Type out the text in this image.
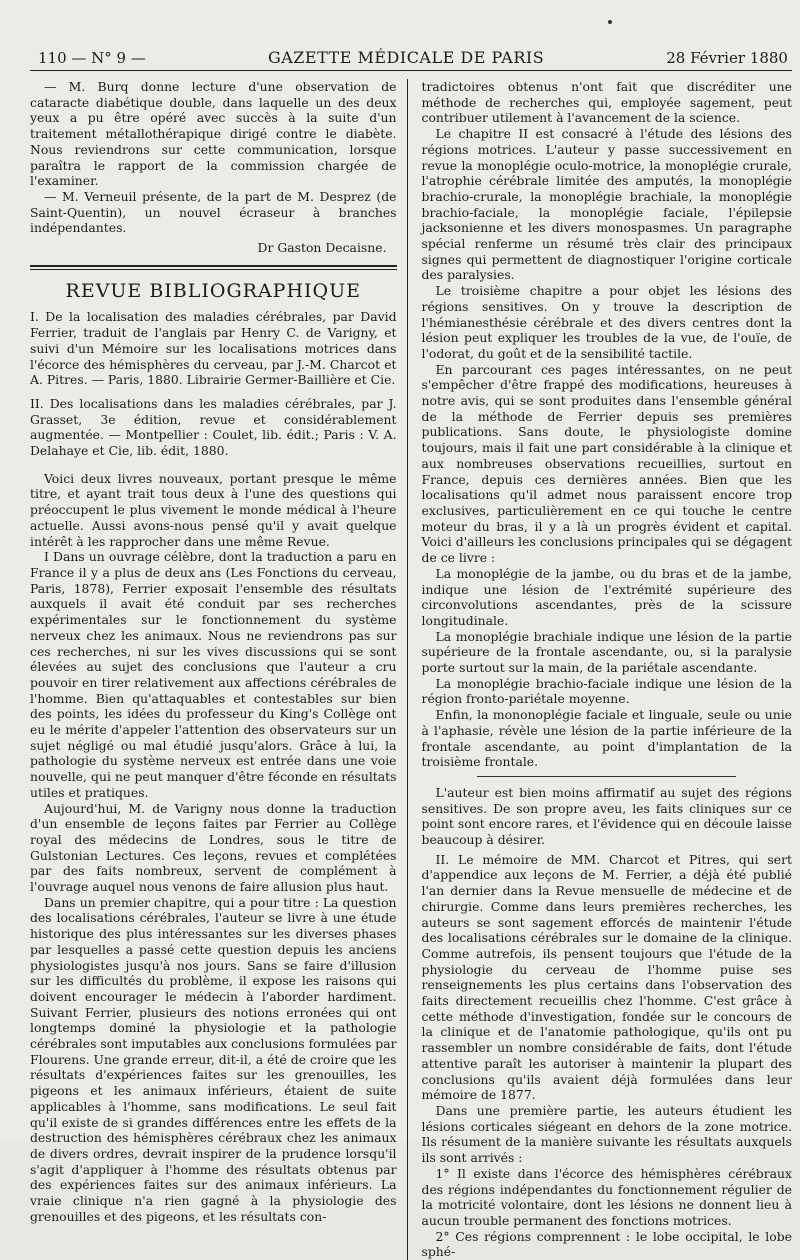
110 — N° 9 —	GAZETTE MÉDICALE DE PARIS	28 Février 1880

— M. Burq donne lecture d'une observation de cataracte diabétique double, dans laquelle un des deux yeux a pu être opéré avec succès à la suite d'un traitement métallothérapique dirigé contre le diabète. Nous reviendrons sur cette communication, lorsque paraîtra le rapport de la commission chargée de l'examiner.

— M. Verneuil présente, de la part de M. Desprez (de Saint-Quentin), un nouvel écraseur à branches indépendantes.

Dr Gaston Decaisne.
REVUE BIBLIOGRAPHIQUE

I. De la localisation des maladies cérébrales, par David Ferrier, traduit de l'anglais par Henry C. de Varigny, et suivi d'un Mémoire sur les localisations motrices dans l'écorce des hémisphères du cerveau, par J.-M. Charcot et A. Pitres. — Paris, 1880. Librairie Germer-Baillière et Cie.

II. Des localisations dans les maladies cérébrales, par J. Grasset, 3e édition, revue et considérablement augmentée. — Montpellier : Coulet, lib. édit.; Paris : V. A. Delahaye et Cie, lib. édit, 1880.

Voici deux livres nouveaux, portant presque le même titre, et ayant trait tous deux à l'une des questions qui préoccupent le plus vivement le monde médical à l'heure actuelle. Aussi avons-nous pensé qu'il y avait quelque intérêt à les rapprocher dans une même Revue.

I Dans un ouvrage célèbre, dont la traduction a paru en France il y a plus de deux ans (Les Fonctions du cerveau, Paris, 1878), Ferrier exposait l'ensemble des résultats auxquels il avait été conduit par ses recherches expérimentales sur le fonctionnement du système nerveux chez les animaux. Nous ne reviendrons pas sur ces recherches, ni sur les vives discussions qui se sont élevées au sujet des conclusions que l'auteur a cru pouvoir en tirer relativement aux affections cérébrales de l'homme. Bien qu'attaquables et contestables sur bien des points, les idées du professeur du King's Collège ont eu le mérite d'appeler l'attention des observateurs sur un sujet négligé ou mal étudié jusqu'alors. Grâce à lui, la pathologie du système nerveux est entrée dans une voie nouvelle, qui ne peut manquer d'être féconde en résultats utiles et pratiques.

Aujourd'hui, M. de Varigny nous donne la traduction d'un ensemble de leçons faites par Ferrier au Collège royal des médecins de Londres, sous le titre de Gulstonian Lectures. Ces leçons, revues et complétées par des faits nombreux, servent de complément à l'ouvrage auquel nous venons de faire allusion plus haut.

Dans un premier chapitre, qui a pour titre : La question des localisations cérébrales, l'auteur se livre à une étude historique des plus intéressantes sur les diverses phases par lesquelles a passé cette question depuis les anciens physiologistes jusqu'à nos jours. Sans se faire d'illusion sur les difficultés du problème, il expose les raisons qui doivent encourager le médecin à l'aborder hardiment. Suivant Ferrier, plusieurs des notions erronées qui ont longtemps dominé la physiologie et la pathologie cérébrales sont imputables aux conclusions formulées par Flourens. Une grande erreur, dit-il, a été de croire que les résultats d'expériences faites sur les grenouilles, les pigeons et les animaux inférieurs, étaient de suite applicables à l'homme, sans modifications. Le seul fait qu'il existe de si grandes différences entre les effets de la destruction des hémisphères cérébraux chez les animaux de divers ordres, devrait inspirer de la prudence lorsqu'il s'agit d'appliquer à l'homme des résultats obtenus par des expériences faites sur des animaux inférieurs. La vraie clinique n'a rien gagné à la physiologie des grenouilles et des pigeons, et les résultats con-

tradictoires obtenus n'ont fait que discréditer une méthode de recherches qui, employée sagement, peut contribuer utilement à l'avancement de la science.

Le chapitre II est consacré à l'étude des lésions des régions motrices. L'auteur y passe successivement en revue la monoplégie oculo-motrice, la monoplégie crurale, l'atrophie cérébrale limitée des amputés, la monoplégie brachio-crurale, la monoplégie brachiale, la monoplégie brachio-faciale, la monoplégie faciale, l'épilepsie jacksonienne et les divers monospasmes. Un paragraphe spécial renferme un résumé très clair des principaux signes qui permettent de diagnostiquer l'origine corticale des paralysies.

Le troisième chapitre a pour objet les lésions des régions sensitives. On y trouve la description de l'hémianesthésie cérébrale et des divers centres dont la lésion peut expliquer les troubles de la vue, de l'ouïe, de l'odorat, du goût et de la sensibilité tactile.

En parcourant ces pages intéressantes, on ne peut s'empêcher d'être frappé des modifications, heureuses à notre avis, qui se sont produites dans l'ensemble général de la méthode de Ferrier depuis ses premières publications. Sans doute, le physiologiste domine toujours, mais il fait une part considérable à la clinique et aux nombreuses observations recueillies, surtout en France, depuis ces dernières années. Bien que les localisations qu'il admet nous paraissent encore trop exclusives, particulièrement en ce qui touche le centre moteur du bras, il y a là un progrès évident et capital. Voici d'ailleurs les conclusions principales qui se dégagent de ce livre :

La monoplégie de la jambe, ou du bras et de la jambe, indique une lésion de l'extrémité supérieure des circonvolutions ascendantes, près de la scissure longitudinale.

La monoplégie brachiale indique une lésion de la partie supérieure de la frontale ascendante, ou, si la paralysie porte surtout sur la main, de la pariétale ascendante.

La monoplégie brachio-faciale indique une lésion de la région fronto-pariétale moyenne.

Enfin, la mononoplégie faciale et linguale, seule ou unie à l'aphasie, révèle une lésion de la partie inférieure de la frontale ascendante, au point d'implantation de la troisième frontale.

L'auteur est bien moins affirmatif au sujet des régions sensitives. De son propre aveu, les faits cliniques sur ce point sont encore rares, et l'évidence qui en découle laisse beaucoup à désirer.

II. Le mémoire de MM. Charcot et Pitres, qui sert d'appendice aux leçons de M. Ferrier, a déjà été publié l'an dernier dans la Revue mensuelle de médecine et de chirurgie. Comme dans leurs premières recherches, les auteurs se sont sagement efforcés de maintenir l'étude des localisations cérébrales sur le domaine de la clinique. Comme autrefois, ils pensent toujours que l'étude de la physiologie du cerveau de l'homme puise ses renseignements les plus certains dans l'observation des faits directement recueillis chez l'homme. C'est grâce à cette méthode d'investigation, fondée sur le concours de la clinique et de l'anatomie pathologique, qu'ils ont pu rassembler un nombre considérable de faits, dont l'étude attentive paraît les autoriser à maintenir la plupart des conclusions qu'ils avaient déjà formulées dans leur mémoire de 1877.

Dans une première partie, les auteurs étudient les lésions corticales siégeant en dehors de la zone motrice. Ils résument de la manière suivante les résultats auxquels ils sont arrivés :

1° Il existe dans l'écorce des hémisphères cérébraux des régions indépendantes du fonctionnement régulier de la motricité volontaire, dont les lésions ne donnent lieu à aucun trouble permanent des fonctions motrices.

2° Ces régions comprennent : le lobe occipital, le lobe sphé-
